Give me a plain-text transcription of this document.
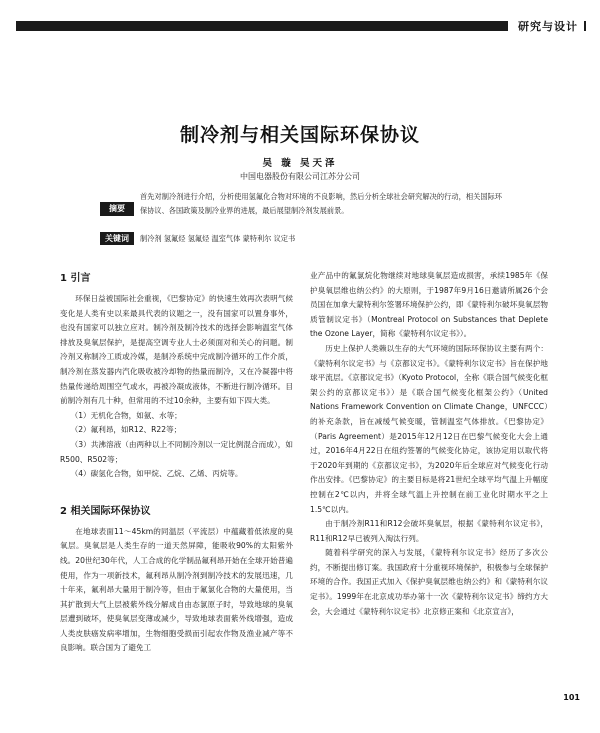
研究与设计
制冷剂与相关国际环保协议
吴 璇 吴天泽
中国电器股份有限公司江苏分公司
摘要
首先对制冷剂进行介绍，分析使用氢氟化合物对环境的不良影响，然后分析全球社会研究解决的行动，相关国际环保协议、各国政策及制冷业界的进展，最后展望制冷剂发展前景。
关键词	制冷剂 氢氟烃 氢氟烃 温室气体 蒙特利尔 议定书
1 引言

环保日益被国际社会重视，《巴黎协定》的快速生效再次表明气候变化是人类有史以来最具代表的议题之一，没有国家可以置身事外，也没有国家可以独立应对。制冷剂及制冷技术的选择会影响温室气体排放及臭氧层保护，是提高空调专业人士必须面对和关心的问题。制冷剂又称制冷工质或冷媒，是制冷系统中完成制冷循环的工作介质，制冷剂在蒸发器内汽化吸收被冷却物的热量而制冷，又在冷凝器中将热量传递给周围空气或水，再被冷凝成液体，不断进行制冷循环。目前制冷剂有几十种，但常用的不过10余种，主要有如下四大类。

（1）无机化合物，如氨、水等；

（2）氟利昂，如R12、R22等；

（3）共沸溶液（由两种以上不同制冷剂以一定比例混合而成），如R500、R502等；

（4）碳氢化合物，如甲烷、乙烷、乙烯、丙烷等。

2 相关国际环保协议

在地球表面11～45km的同温层（平流层）中蕴藏着低浓度的臭氧层。臭氧层是人类生存的一道天然屏障，能吸收90%的太阳紫外线。20世纪30年代，人工合成的化学制品氟利昂开始在全球开始普遍使用，作为一项新技术，氟利昂从制冷剂到制冷技术的发展迅速，几十年来，氟利昂大量用于制冷等，但由于氟氯化合物的大量使用，当其扩散到大气上层被紫外线分解成自由态氯原子时，导致地球的臭氧层遭到破坏，使臭氧层变薄或减少，导致地球表面紫外线增强，造成人类皮肤癌发病率增加，生物细胞受损而引起农作物及渔业减产等不良影响。联合国为了避免工

业产品中的氟氯烷化物继续对地球臭氧层造成损害，承续1985年《保护臭氧层维也纳公约》的大原则，于1987年9月16日邀请所属26个会员国在加拿大蒙特利尔签署环境保护公约，即《蒙特利尔破坏臭氧层物质管制议定书》（Montreal Protocol on Substances that Deplete the Ozone Layer，简称《蒙特利尔议定书》）。

历史上保护人类赖以生存的大气环境的国际环保协议主要有两个：《蒙特利尔议定书》与《京都议定书》。《蒙特利尔议定书》旨在保护地球平流层。《京都议定书》（Kyoto Protocol，全称《联合国气候变化框架公约的京都议定书》）是《联合国气候变化框架公约》（United Nations Framework Convention on Climate Change，UNFCCC）的补充条款，旨在减缓气候变暖，管制温室气体排放。《巴黎协定》（Paris Agreement）是2015年12月12日在巴黎气候变化大会上通过，2016年4月22日在纽约签署的气候变化协定，该协定用以取代将于2020年到期的《京都议定书》，为2020年后全球应对气候变化行动作出安排。《巴黎协定》的主要目标是将21世纪全球平均气温上升幅度控制在2℃以内，并将全球气温上升控制在前工业化时期水平之上1.5℃以内。

由于制冷剂R11和R12会破坏臭氧层，根据《蒙特利尔议定书》，R11和R12早已被列入淘汰行列。

随着科学研究的深入与发展，《蒙特利尔议定书》经历了多次公约，不断提出修订案。我国政府十分重视环境保护，积极参与全球保护环境的合作。我国正式加入《保护臭氧层维也纳公约》和《蒙特利尔议定书》。1999年在北京成功举办第十一次《蒙特利尔议定书》缔约方大会，大会通过《蒙特利尔议定书》北京修正案和《北京宣言》，

101
